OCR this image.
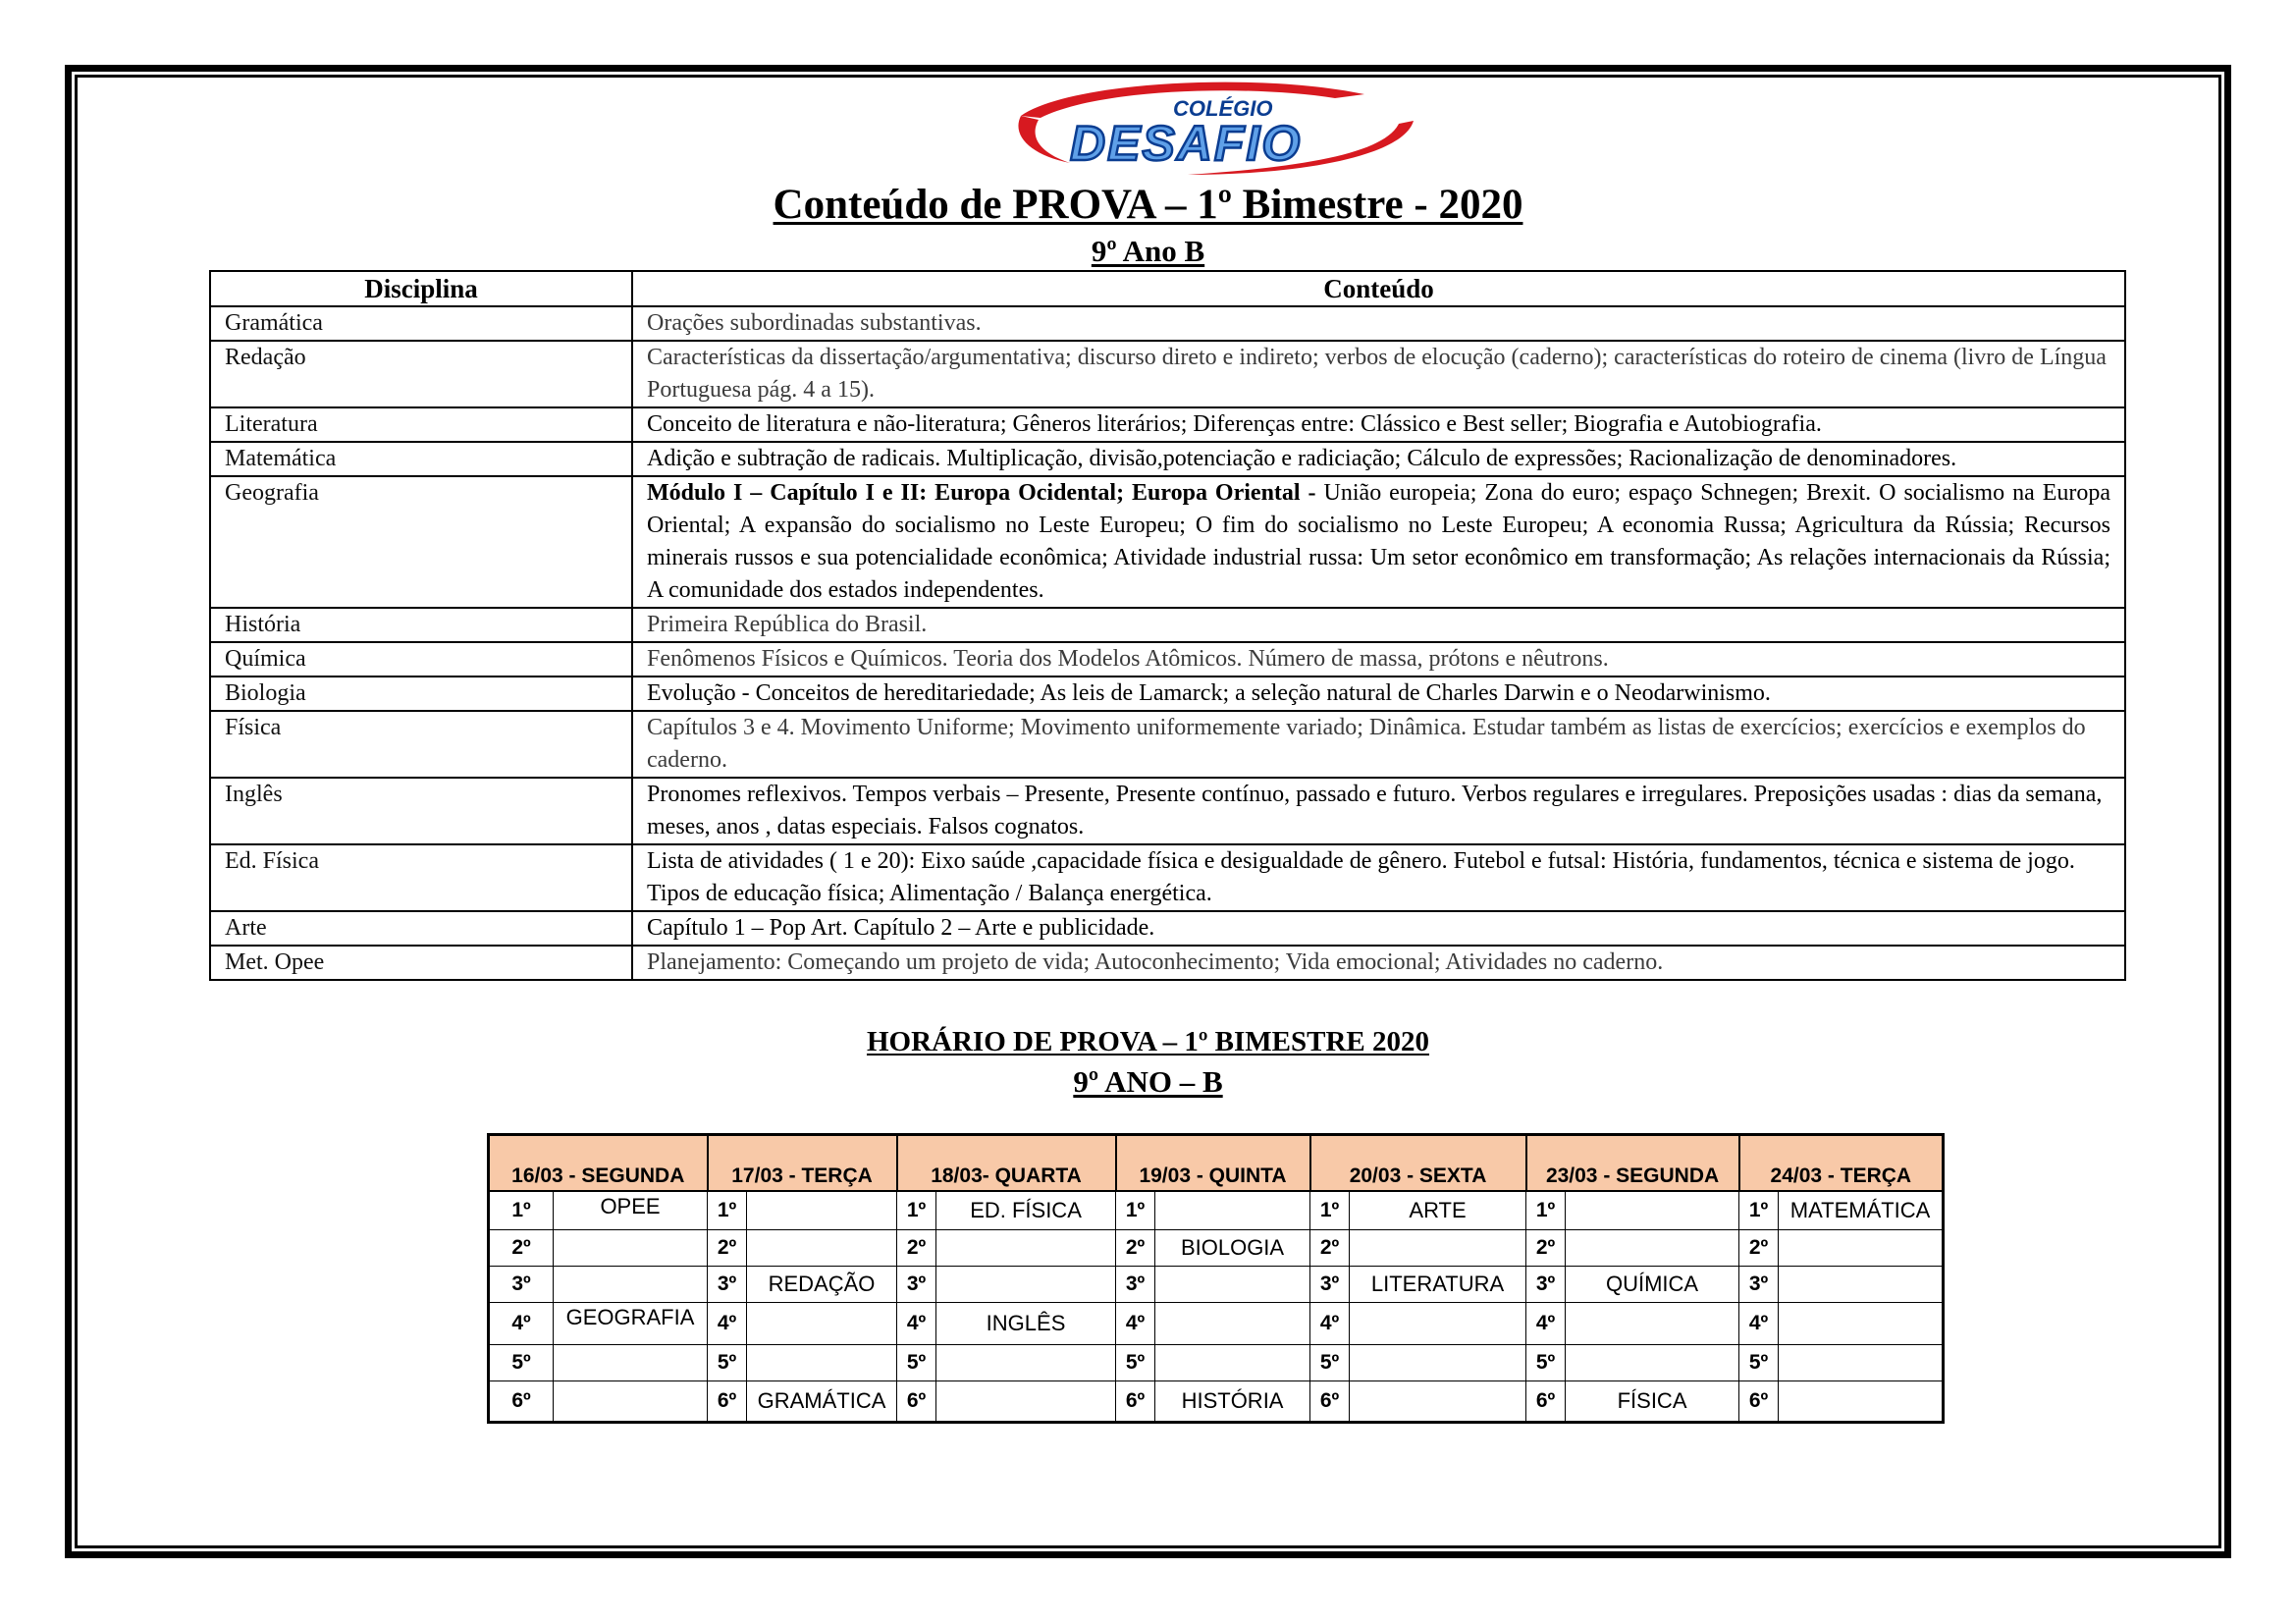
COLÉGIO
DESAFIO
Conteúdo de PROVA – 1º Bimestre - 2020
9º Ano B
Disciplina	Conteúdo
Gramática	Orações subordinadas substantivas.
Redação	Características da dissertação/argumentativa; discurso direto e indireto; verbos de elocução (caderno); características do roteiro de cinema (livro de Língua Portuguesa pág. 4 a 15).
Literatura	Conceito de literatura e não-literatura; Gêneros literários; Diferenças entre: Clássico e Best seller; Biografia e Autobiografia.
Matemática	Adição e subtração de radicais. Multiplicação, divisão,potenciação e radiciação; Cálculo de expressões; Racionalização de denominadores.
Geografia	Módulo I – Capítulo I e II: Europa Ocidental; Europa Oriental - União europeia; Zona do euro; espaço Schnegen; Brexit. O socialismo na Europa Oriental; A expansão do socialismo no Leste Europeu; O fim do socialismo no Leste Europeu; A economia Russa; Agricultura da Rússia; Recursos minerais russos e sua potencialidade econômica; Atividade industrial russa: Um setor econômico em transformação; As relações internacionais da Rússia; A comunidade dos estados independentes.
História	Primeira República do Brasil.
Química	Fenômenos Físicos e Químicos. Teoria dos Modelos Atômicos. Número de massa, prótons e nêutrons.
Biologia	Evolução - Conceitos de hereditariedade; As leis de Lamarck; a seleção natural de Charles Darwin e o Neodarwinismo.
Física	Capítulos 3 e 4. Movimento Uniforme; Movimento uniformemente variado; Dinâmica. Estudar também as listas de exercícios; exercícios e exemplos do caderno.
Inglês	Pronomes reflexivos. Tempos verbais – Presente, Presente contínuo, passado e futuro. Verbos regulares e irregulares. Preposições usadas : dias da semana, meses, anos , datas especiais. Falsos cognatos.
Ed. Física	Lista de atividades ( 1 e 20): Eixo saúde ,capacidade física e desigualdade de gênero. Futebol e futsal: História, fundamentos, técnica e sistema de jogo. Tipos de educação física; Alimentação / Balança energética.
Arte	Capítulo 1 – Pop Art. Capítulo 2 – Arte e publicidade.
Met. Opee	Planejamento: Começando um projeto de vida; Autoconhecimento; Vida emocional; Atividades no caderno.
HORÁRIO DE PROVA – 1º BIMESTRE 2020
9º ANO – B
16/03 - SEGUNDA		17/03 - TERÇA		18/03- QUARTA		19/03 - QUINTA		20/03 - SEXTA		23/03 - SEGUNDA		24/03 - TERÇA	
1º	OPEE	1º		1º	ED. FÍSICA	1º		1º	ARTE	1º		1º	MATEMÁTICA
2º		2º		2º		2º	BIOLOGIA	2º		2º		2º	
3º		3º	REDAÇÃO	3º		3º		3º	LITERATURA	3º	QUÍMICA	3º	
4º	GEOGRAFIA	4º		4º	INGLÊS	4º		4º		4º		4º	
5º		5º		5º		5º		5º		5º		5º	
6º		6º	GRAMÁTICA	6º		6º	HISTÓRIA	6º		6º	FÍSICA	6º	
